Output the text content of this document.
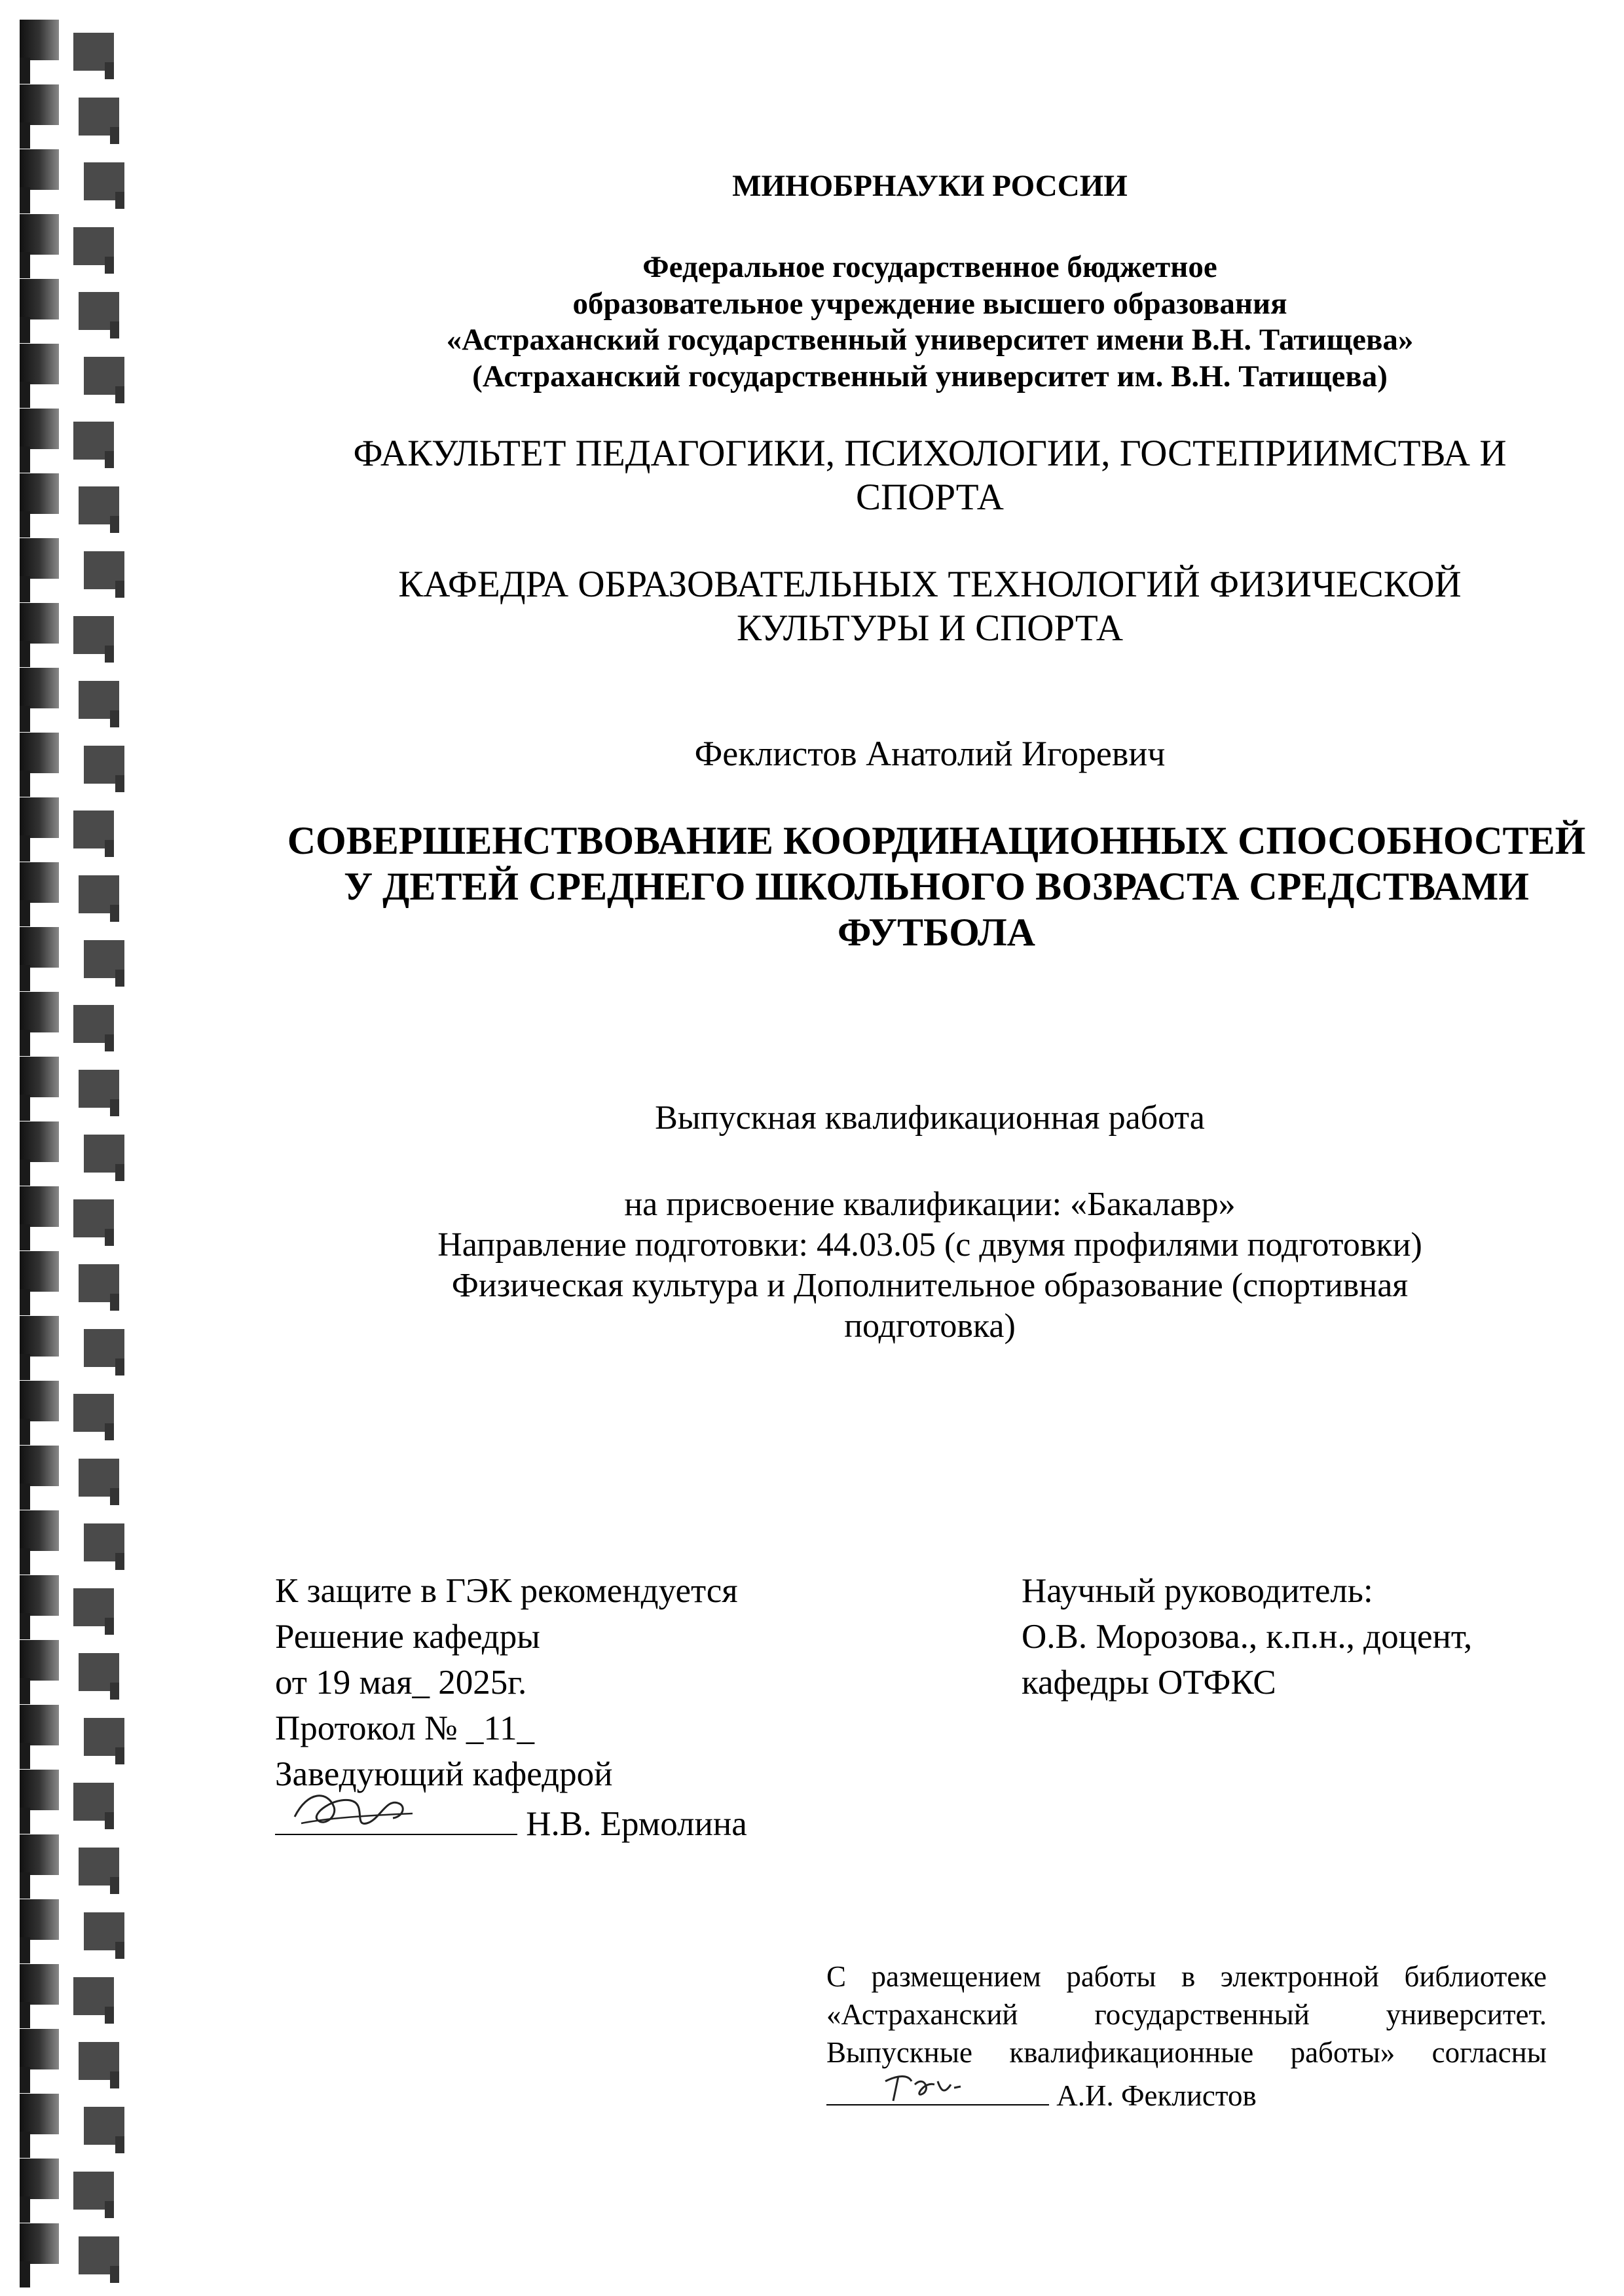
МИНОБРНАУКИ РОССИИ
Федеральное государственное бюджетное
образовательное учреждение высшего образования
«Астраханский государственный университет имени В.Н. Татищева»
(Астраханский государственный университет им. В.Н. Татищева)
ФАКУЛЬТЕТ ПЕДАГОГИКИ, ПСИХОЛОГИИ, ГОСТЕПРИИМСТВА И
СПОРТА
КАФЕДРА ОБРАЗОВАТЕЛЬНЫХ ТЕХНОЛОГИЙ ФИЗИЧЕСКОЙ
КУЛЬТУРЫ И СПОРТА
Феклистов Анатолий Игоревич
СОВЕРШЕНСТВОВАНИЕ КООРДИНАЦИОННЫХ СПОСОБНОСТЕЙ
У ДЕТЕЙ СРЕДНЕГО ШКОЛЬНОГО ВОЗРАСТА СРЕДСТВАМИ
ФУТБОЛА
Выпускная квалификационная работа
на присвоение квалификации: «Бакалавр»
Направление подготовки: 44.03.05 (с двумя профилями подготовки)
Физическая культура и Дополнительное образование (спортивная
подготовка)
К защите в ГЭК рекомендуется
Решение кафедры
от 19 мая_ 2025г.
Протокол № _11_
Заведующий кафедрой
Н.В. Ермолина
Научный руководитель:
О.В. Морозова., к.п.н., доцент,
кафедры ОТФКС
С размещением работы в электронной библиотеке
«Астраханский государственный университет.
Выпускные квалификационные работы» согласны
А.И. Феклистов
